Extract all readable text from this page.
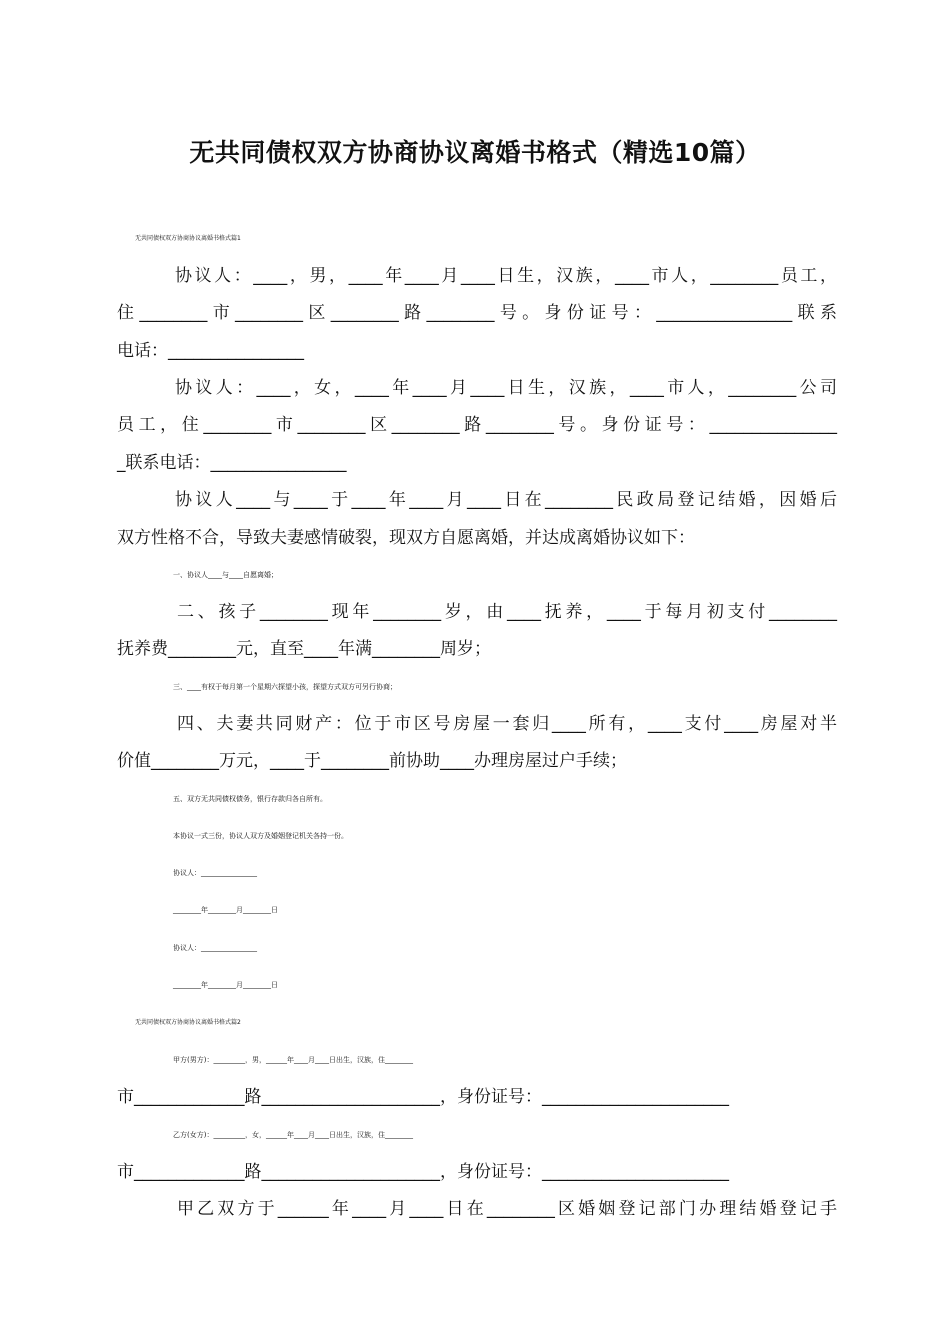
无共同债权双方协商协议离婚书格式（精选10篇）

无共同债权双方协商协议离婚书格式篇1

协议人：____，男，____年____月____日生，汉族，____市人，________员工，

住________市________区________路________号。身份证号：________________联系

电话：________________

协议人：____，女，____年____月____日生，汉族，____市人，________公司

员工，住________市________区________路________号。身份证号：_______________

_联系电话：________________

协议人____与____于____年____月____日在________民政局登记结婚，因婚后

双方性格不合，导致夫妻感情破裂，现双方自愿离婚，并达成离婚协议如下：

一、协议人____与____自愿离婚；

二、孩子________现年________岁，由____抚养，____于每月初支付________

抚养费________元，直至____年满________周岁；

三、____有权于每月第一个星期六探望小孩，探望方式双方可另行协商；

四、夫妻共同财产：位于市区号房屋一套归____所有，____支付____房屋对半

价值________万元，____于________前协助____办理房屋过户手续；

五、双方无共同债权债务，银行存款归各自所有。

本协议一式三份，协议人双方及婚姻登记机关各持一份。

协议人：________________

________年________月________日

协议人：________________

________年________月________日

无共同债权双方协商协议离婚书格式篇2

甲方(男方)：_________，男，______年____月____日出生，汉族，住________

市_____________路_____________________，身份证号：______________________

乙方(女方)：_________，女，______年____月____日出生，汉族，住________

市_____________路_____________________，身份证号：______________________

甲乙双方于______年____月____日在________区婚姻登记部门办理结婚登记手
